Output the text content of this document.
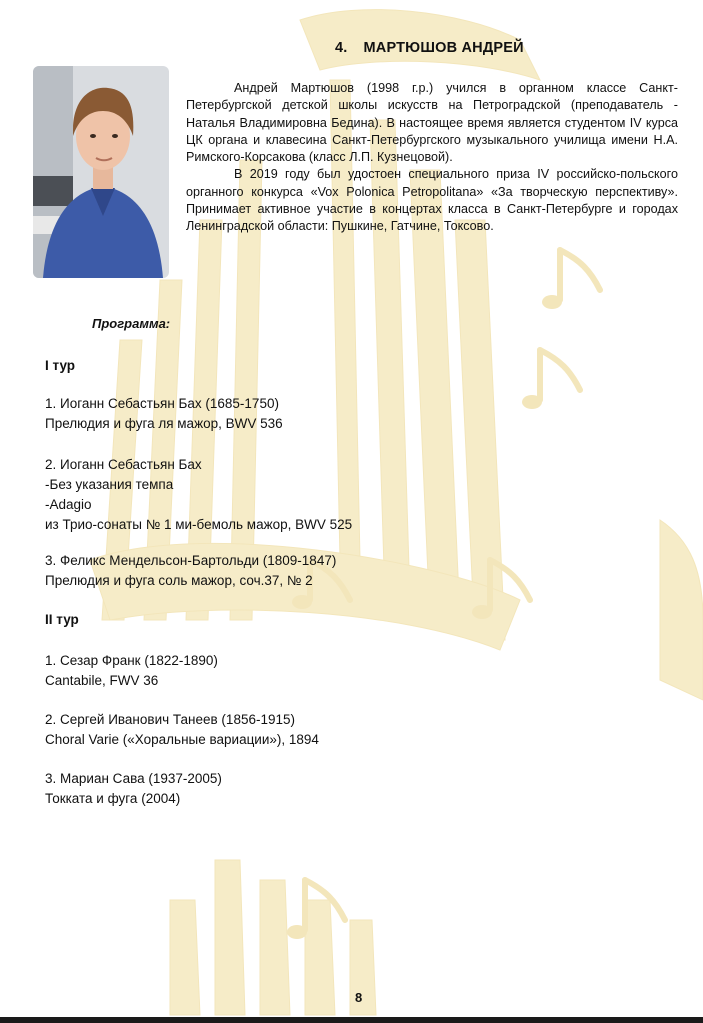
4. МАРТЮШОВ АНДРЕЙ

Андрей Мартюшов (1998 г.р.) учился в органном классе Санкт-Петербургской детской школы искусств на Петроградской (преподаватель - Наталья Владимировна Бедина). В настоящее время является студентом IV курса ЦК органа и клавесина Санкт-Петербургского музыкального училища имени Н.А. Римского-Корсакова (класс Л.П. Кузнецовой).

В 2019 году был удостоен специального приза IV российско-польского органного конкурса «Vox Polonica Petropolitana» «За творческую перспективу». Принимает активное участие в концертах класса в Санкт-Петербурге и городах Ленинградской области: Пушкине, Гатчине, Токсово.

Программа:
I тур
1. Иоганн Себастьян Бах (1685-1750)
Прелюдия и фуга ля мажор, BWV 536
2. Иоганн Себастьян Бах
-Без указания темпа
-Adagio
из Трио-сонаты № 1 ми-бемоль мажор, BWV 525
3. Феликс Мендельсон-Бартольди (1809-1847)
Прелюдия и фуга соль мажор, соч.37, № 2
II тур
1. Сезар Франк (1822-1890)
Cantabile, FWV 36
2. Сергей Иванович Танеев (1856-1915)
Choral Varie («Хоральные вариации»), 1894
3. Мариан Сава (1937-2005)
Токката и фуга (2004)
8
